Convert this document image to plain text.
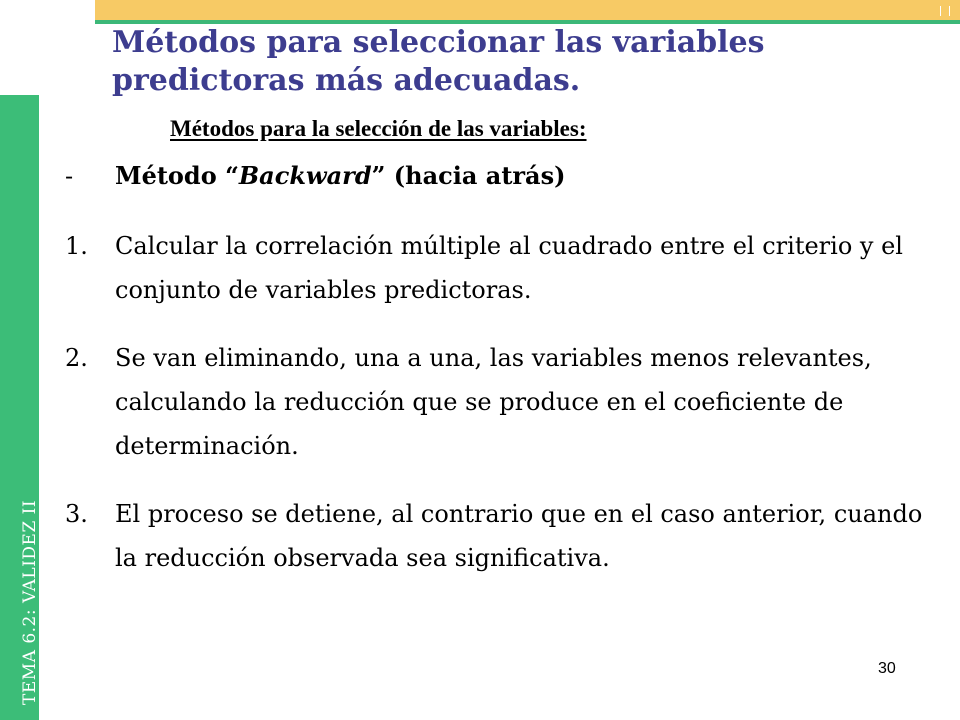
TEMA 6.2: VALIDEZ II
Métodos para seleccionar las variables predictoras más adecuadas.
Métodos para la selección de las variables:
- Método “Backward” (hacia atrás)
1. Calcular la correlación múltiple al cuadrado entre el criterio y el conjunto de variables predictoras.
2. Se van eliminando, una a una, las variables menos relevantes, calculando la reducción que se produce en el coeficiente de determinación.
3. El proceso se detiene, al contrario que en el caso anterior, cuando la reducción observada sea significativa.
30
